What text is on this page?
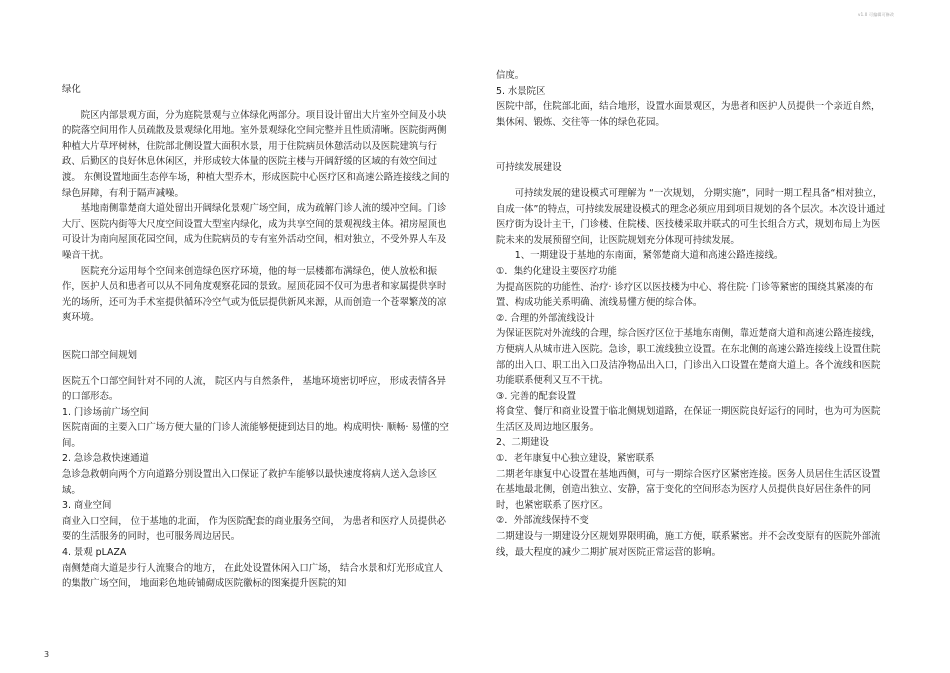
v1.0 可编辑可修改

绿化

院区内部景观方面，分为庭院景观与立体绿化两部分。项目设计留出大片室外空间及小块的院落空间用作人员疏散及景观绿化用地。室外景观绿化空间完整并且性质清晰。医院街两侧种植大片草坪树林，住院部北侧设置大面积水景，用于住院病员休憩活动以及医院建筑与行政、后勤区的良好休息休闲区，并形成较大体量的医院主楼与开阔舒缓的区域的有效空间过渡。 东侧设置地面生态停车场，种植大型乔木，形成医院中心医疗区和高速公路连接线之间的绿色屏障，有利于隔声减噪。

基地南侧靠楚商大道处留出开阔绿化景观广场空间，成为疏解门诊人流的缓冲空间。门诊大厅、医院内街等大尺度空间设置大型室内绿化，成为共享空间的景观视线主体。裙房屋顶也可设计为南向屋顶花园空间，成为住院病员的专有室外活动空间，相对独立，不受外界人车及噪音干扰。

医院充分运用每个空间来创造绿色医疗环境，他的每一层楼都布满绿色，使人放松和振作，医护人员和患者可以从不同角度观察花园的景致。屋顶花园不仅可为患者和家属提供享时光的场所，还可为手术室提供循环冷空气或为低层提供新风来源，从而创造一个苍翠繁茂的凉爽环境。

医院口部空间规划

医院五个口部空间针对不同的人流， 院区内与自然条件， 基地环境密切呼应， 形成表情各异的口部形态。

1. 门诊场前广场空间

医院南面的主要入口广场方便大量的门诊人流能够便捷到达目的地。构成明快· 顺畅· 易懂的空间。

2. 急诊急救快速通道

急诊急救朝向两个方向道路分别设置出入口保证了救护车能够以最快速度将病人送入急诊区域。

3. 商业空间

商业入口空间， 位于基地的北面， 作为医院配套的商业服务空间， 为患者和医疗人员提供必要的生活服务的同时，也可服务周边居民。

4. 景观 pLAZA

南侧楚商大道是步行人流聚合的地方， 在此处设置休闲入口广场， 结合水景和灯光形成宜人的集散广场空间， 地面彩色地砖铺砌成医院徽标的图案提升医院的知

信度。

5. 水景院区

医院中部，住院部北面，结合地形，设置水面景观区，为患者和医护人员提供一个亲近自然，集休闲、锻炼、交往等一体的绿色花园。

可持续发展建设

可持续发展的建设模式可理解为 “一次规划， 分期实施”，同时一期工程具备“相对独立，自成一体”的特点，可持续发展建设模式的理念必须应用到项目规划的各个层次。本次设计通过医疗街为设计主干，门诊楼、住院楼、医技楼采取并联式的可生长组合方式，规划布局上为医院未来的发展预留空间，让医院规划充分体现可持续发展。

1、一期建设于基地的东南面，紧邻楚商大道和高速公路连接线。

①．集约化建设主要医疗功能

为提高医院的功能性、治疗· 诊疗区以医技楼为中心、将住院· 门诊等紧密的围绕其紧凑的布置、构成功能关系明确、流线易懂方便的综合体。

②. 合理的外部流线设计

为保证医院对外流线的合理，综合医疗区位于基地东南侧，靠近楚商大道和高速公路连接线，方便病人从城市进入医院。急诊，职工流线独立设置。在东北侧的高速公路连接线上设置住院部的出入口、职工出入口及洁净物品出入口，门诊出入口设置在楚商大道上。各个流线和医院功能联系便利又互不干扰。

③. 完善的配套设置

将食堂、餐厅和商业设置于临北侧规划道路，在保证一期医院良好运行的同时，也为可为医院生活区及周边地区服务。

2、二期建设

①．老年康复中心独立建设，紧密联系

二期老年康复中心设置在基地西侧，可与一期综合医疗区紧密连接。医务人员居住生活区设置在基地最北侧，创造出独立、安静，富于变化的空间形态为医疗人员提供良好居住条件的同时，也紧密联系了医疗区。

②．外部流线保持不变

二期建设与一期建设分区规划界限明确，施工方便，联系紧密。并不会改变原有的医院外部流线，最大程度的减少二期扩展对医院正常运营的影响。

3
